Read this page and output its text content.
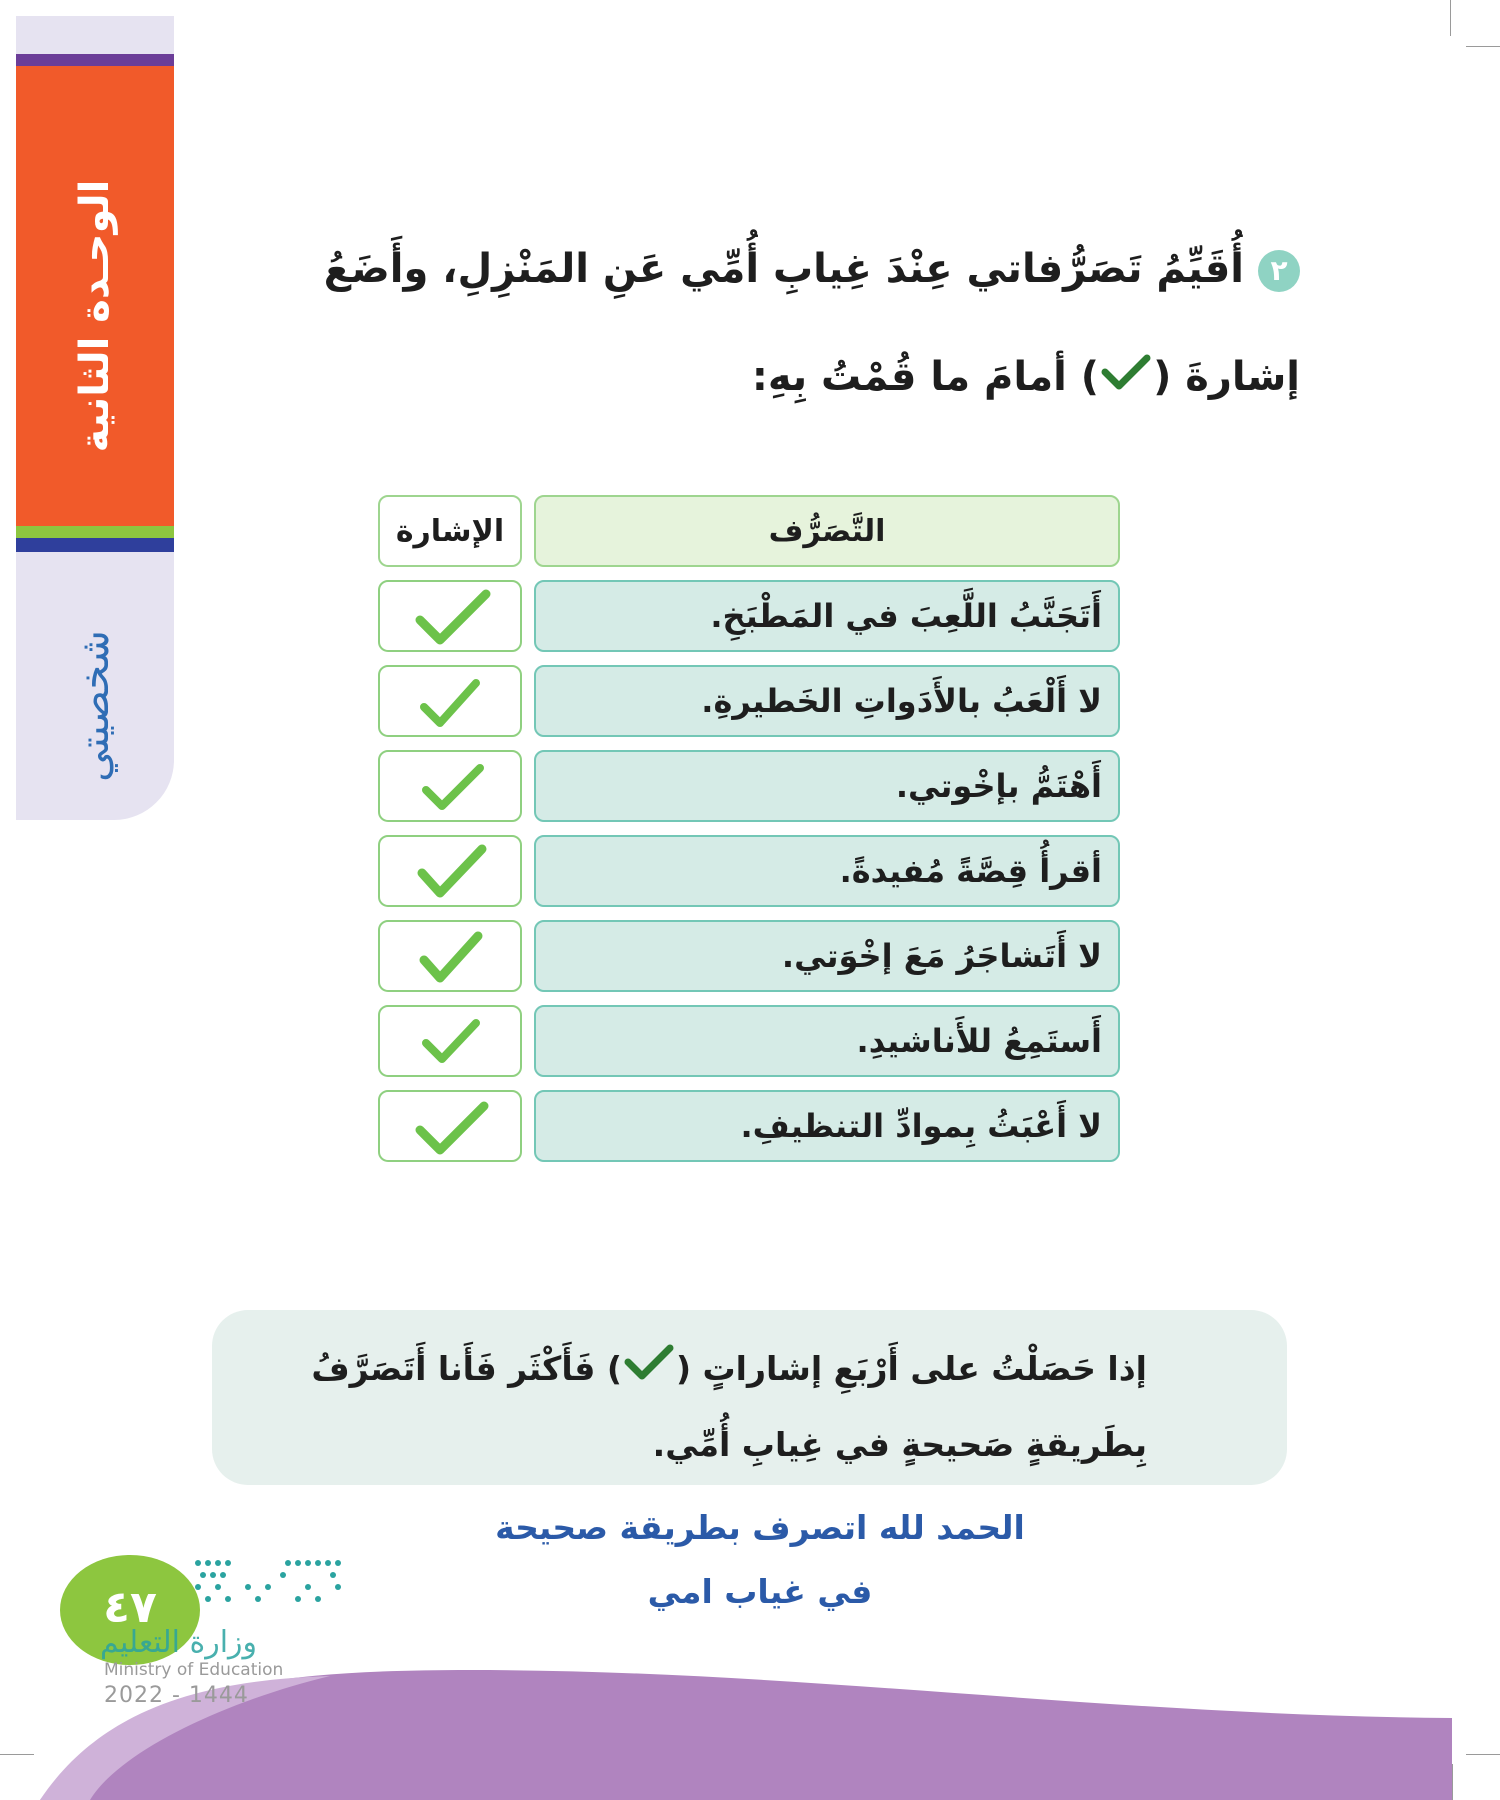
الوحـدة الثانية
شخصيتي
٢أُقَيِّمُ تَصَرُّفاتي عِنْدَ غِيابِ أُمِّي عَنِ المَنْزِلِ، وأَضَعُ إشارةَ () أمامَ ما قُمْتُ بِهِ:
التَّصَرُّف
الإشارة
أَتَجَنَّبُ اللَّعِبَ في المَطْبَخِ.
لا أَلْعَبُ بالأَدَواتِ الخَطيرةِ.
أَهْتَمُّ بإخْوتي.
أقرأُ قِصَّةً مُفيدةً.
لا أَتَشاجَرُ مَعَ إخْوَتي.
أَستَمِعُ للأَناشيدِ.
لا أَعْبَثُ بِموادِّ التنظيفِ.
إذا حَصَلْتُ على أَرْبَعِ إشاراتٍ () فَأَكْثَر فَأَنا أَتَصَرَّفُ بِطَريقةٍ صَحيحةٍ في غِيابِ أُمِّي.
الحمد لله اتصرف بطريقة صحيحة
في غياب امي
٤٧
وزارة التعليم
Ministry of Education
2022 - 1444
